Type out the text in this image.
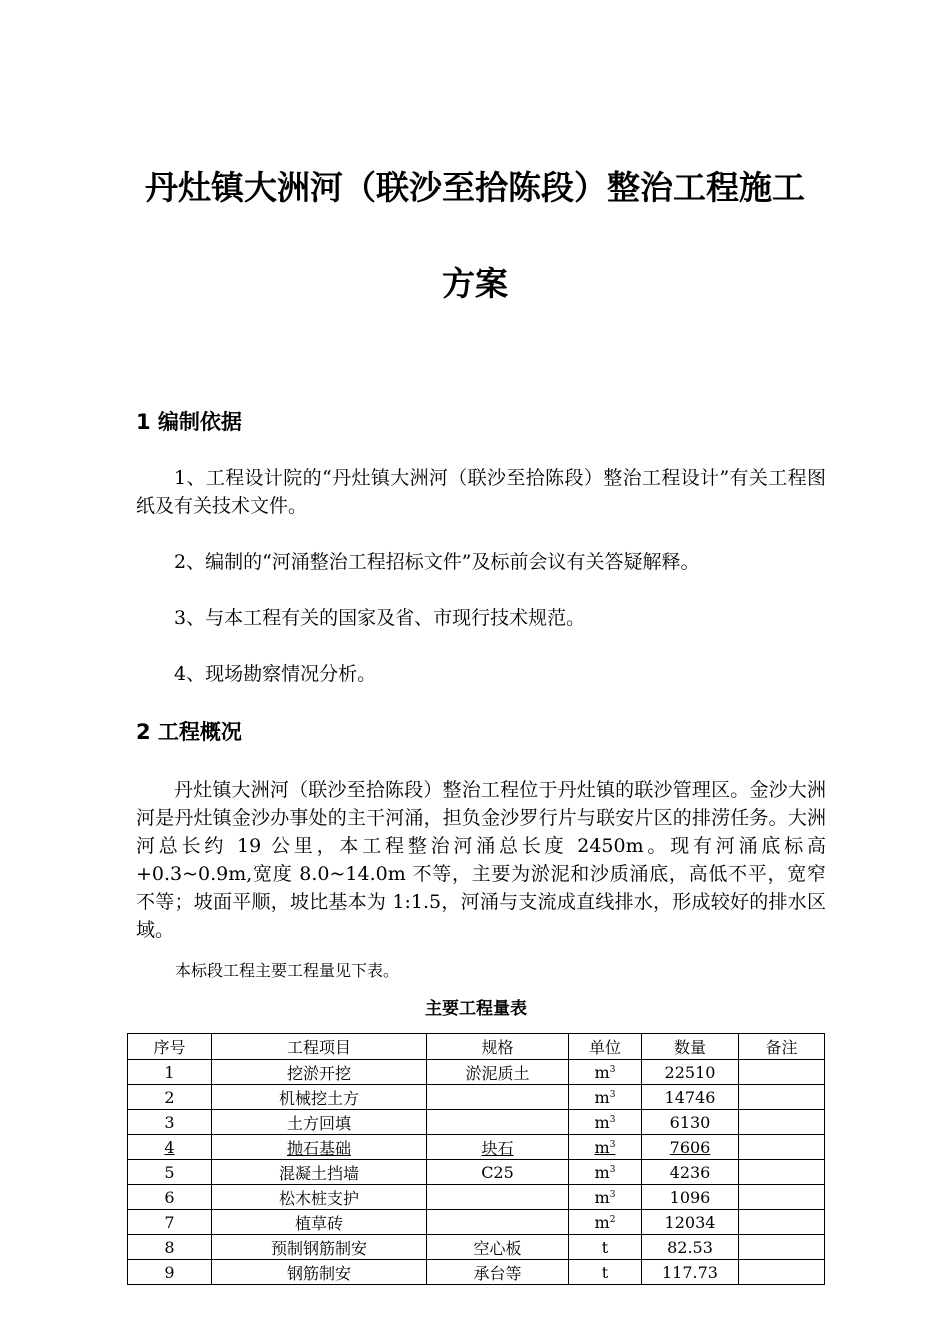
丹灶镇大洲河（联沙至拾陈段）整治工程施工
方案
1 编制依据
1、工程设计院的“丹灶镇大洲河（联沙至拾陈段）整治工程设计”有关工程图纸及有关技术文件。
2、编制的“河涌整治工程招标文件”及标前会议有关答疑解释。
3、与本工程有关的国家及省、市现行技术规范。
4、现场勘察情况分析。
2 工程概况
丹灶镇大洲河（联沙至拾陈段）整治工程位于丹灶镇的联沙管理区。金沙大洲河是丹灶镇金沙办事处的主干河涌，担负金沙罗行片与联安片区的排涝任务。大洲河总长约 19 公里，本工程整治河涌总长度 2450m。现有河涌底标高+0.3~0.9m,宽度 8.0~14.0m 不等，主要为淤泥和沙质涌底，高低不平，宽窄不等；坡面平顺，坡比基本为 1:1.5，河涌与支流成直线排水，形成较好的排水区域。
本标段工程主要工程量见下表。
主要工程量表
序号	工程项目	规格	单位	数量	备注
1	挖淤开挖	淤泥质土	$m^3$	22510	
2	机械挖土方		$m^3$	14746	
3	土方回填		$m^3$	6130	
4	抛石基础	块石	$m^3$	7606	
5	混凝土挡墙	C25	$m^3$	4236	
6	松木桩支护		$m^3$	1096	
7	植草砖		$m^2$	12034	
8	预制钢筋制安	空心板	t	82.53	
9	钢筋制安	承台等	t	117.73	
